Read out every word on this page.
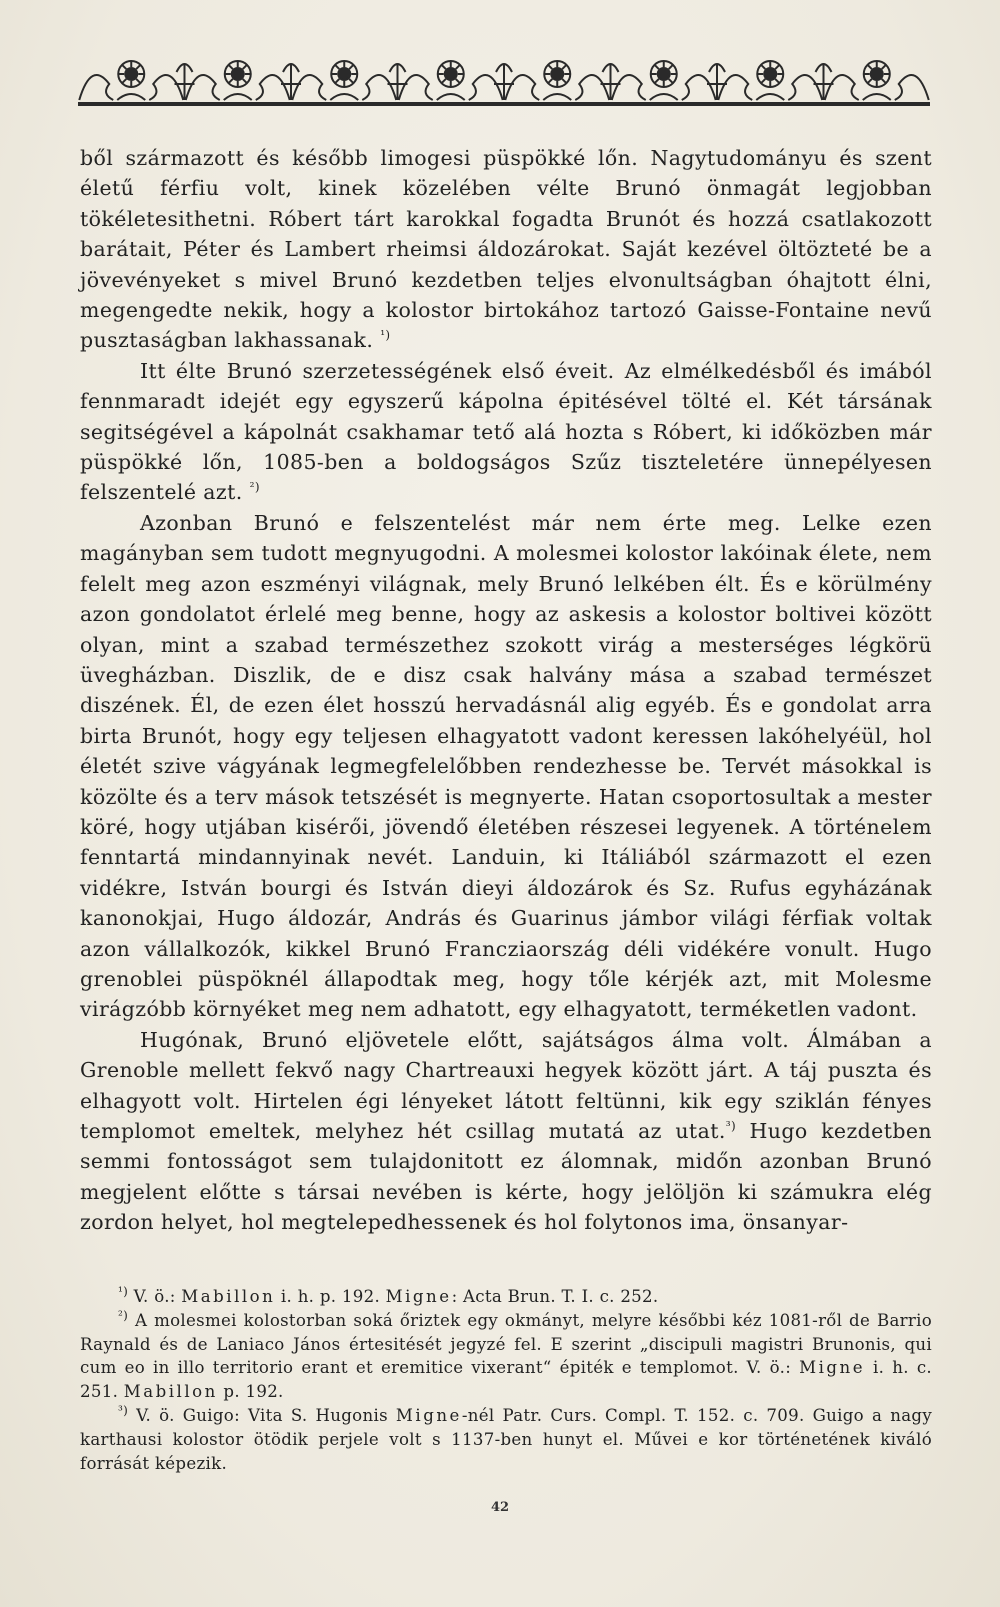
ből származott és később limogesi püspökké lőn. Nagytudományu és szent életű férfiu volt, kinek közelében vélte Brunó önmagát legjobban tökéletesithetni. Róbert tárt karokkal fogadta Brunót és hozzá csatlakozott barátait, Péter és Lambert rheimsi áldozárokat. Saját kezével öltözteté be a jövevényeket s mivel Brunó kezdetben teljes elvonultságban óhajtott élni, megengedte nekik, hogy a kolostor birtokához tartozó Gaisse-Fontaine nevű pusztaságban lakhassanak. $^{^1)}$

Itt élte Brunó szerzetességének első éveit. Az elmélkedésből és imából fennmaradt idejét egy egyszerű kápolna épitésével tölté el. Két társának segitségével a kápolnát csakhamar tető alá hozta s Róbert, ki időközben már püspökké lőn, 1085-ben a boldogságos Szűz tiszteletére ünnepélyesen felszentelé azt. $^{^2)}$

Azonban Brunó e felszentelést már nem érte meg. Lelke ezen magányban sem tudott megnyugodni. A molesmei kolostor lakóinak élete, nem felelt meg azon eszményi világnak, mely Brunó lelkében élt. És e körülmény azon gondolatot érlelé meg benne, hogy az askesis a kolostor boltivei között olyan, mint a szabad természethez szokott virág a mesterséges légkörü üvegházban. Diszlik, de e disz csak halvány mása a szabad természet diszének. Él, de ezen élet hosszú hervadásnál alig egyéb. És e gondolat arra birta Brunót, hogy egy teljesen elhagyatott vadont keressen lakóhelyéül, hol életét szive vágyának legmegfelelőbben rendezhesse be. Tervét másokkal is közölte és a terv mások tetszését is megnyerte. Hatan csoportosultak a mester köré, hogy utjában kisérői, jövendő életében részesei legyenek. A történelem fenntartá mindannyinak nevét. Landuin, ki Itáliából származott el ezen vidékre, István bourgi és István dieyi áldozárok és Sz. Rufus egyházának kanonokjai, Hugo áldozár, András és Guarinus jámbor világi férfiak voltak azon vállalkozók, kikkel Brunó Francziaország déli vidékére vonult. Hugo grenoblei püspöknél állapodtak meg, hogy tőle kérjék azt, mit Molesme virágzóbb környéket meg nem adhatott, egy elhagyatott, terméketlen vadont.

Hugónak, Brunó eljövetele előtt, sajátságos álma volt. Álmában a Grenoble mellett fekvő nagy Chartreauxi hegyek között járt. A táj puszta és elhagyott volt. Hirtelen égi lényeket látott feltünni, kik egy sziklán fényes templomot emeltek, melyhez hét csillag mutatá az utat.$^{^3)}$ Hugo kezdetben semmi fontosságot sem tulajdonitott ez álomnak, midőn azonban Brunó megjelent előtte s társai nevében is kérte, hogy jelöljön ki számukra elég zordon helyet, hol megtelepedhessenek és hol folytonos ima, önsanyar-

$^{^1)}$ V. ö.: Mabillon i. h. p. 192. Migne: Acta Brun. T. I. c. 252.

$^{^2)}$ A molesmei kolostorban soká őriztek egy okmányt, melyre későbbi kéz 1081-ről de Barrio Raynald és de Laniaco János értesitését jegyzé fel. E szerint „discipuli magistri Brunonis, qui cum eo in illo territorio erant et eremitice vixerant“ épiték e templomot. V. ö.: Migne i. h. c. 251. Mabillon p. 192.

$^{^3)}$ V. ö. Guigo: Vita S. Hugonis Migne-nél Patr. Curs. Compl. T. 152. c. 709. Guigo a nagy karthausi kolostor ötödik perjele volt s 1137-ben hunyt el. Művei e kor történetének kiváló forrását képezik.

42
